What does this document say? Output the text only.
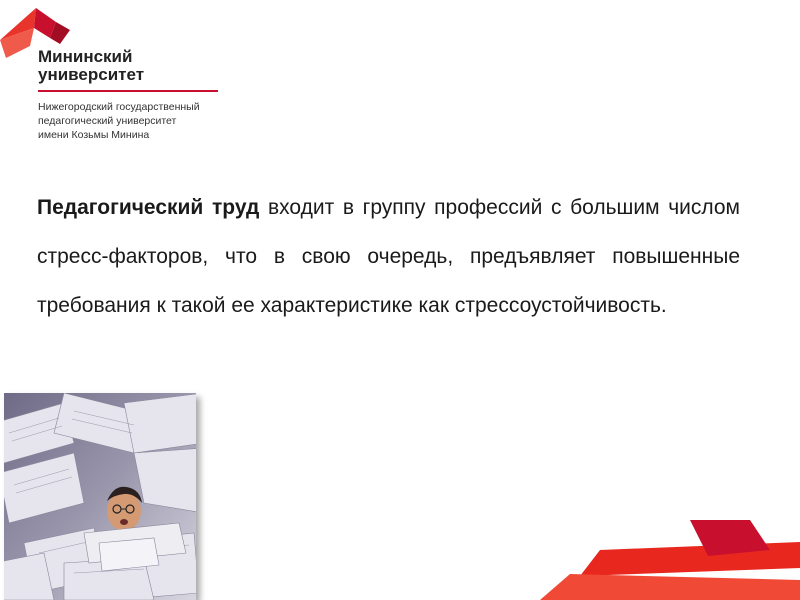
Мининский
университет
Нижегородский государственный
педагогический университет
имени Козьмы Минина

Педагогический труд входит в группу профессий с большим числом стресс-факторов, что в свою очередь, предъявляет повышенные требования к такой ее характеристике как стрессоустойчивость.
